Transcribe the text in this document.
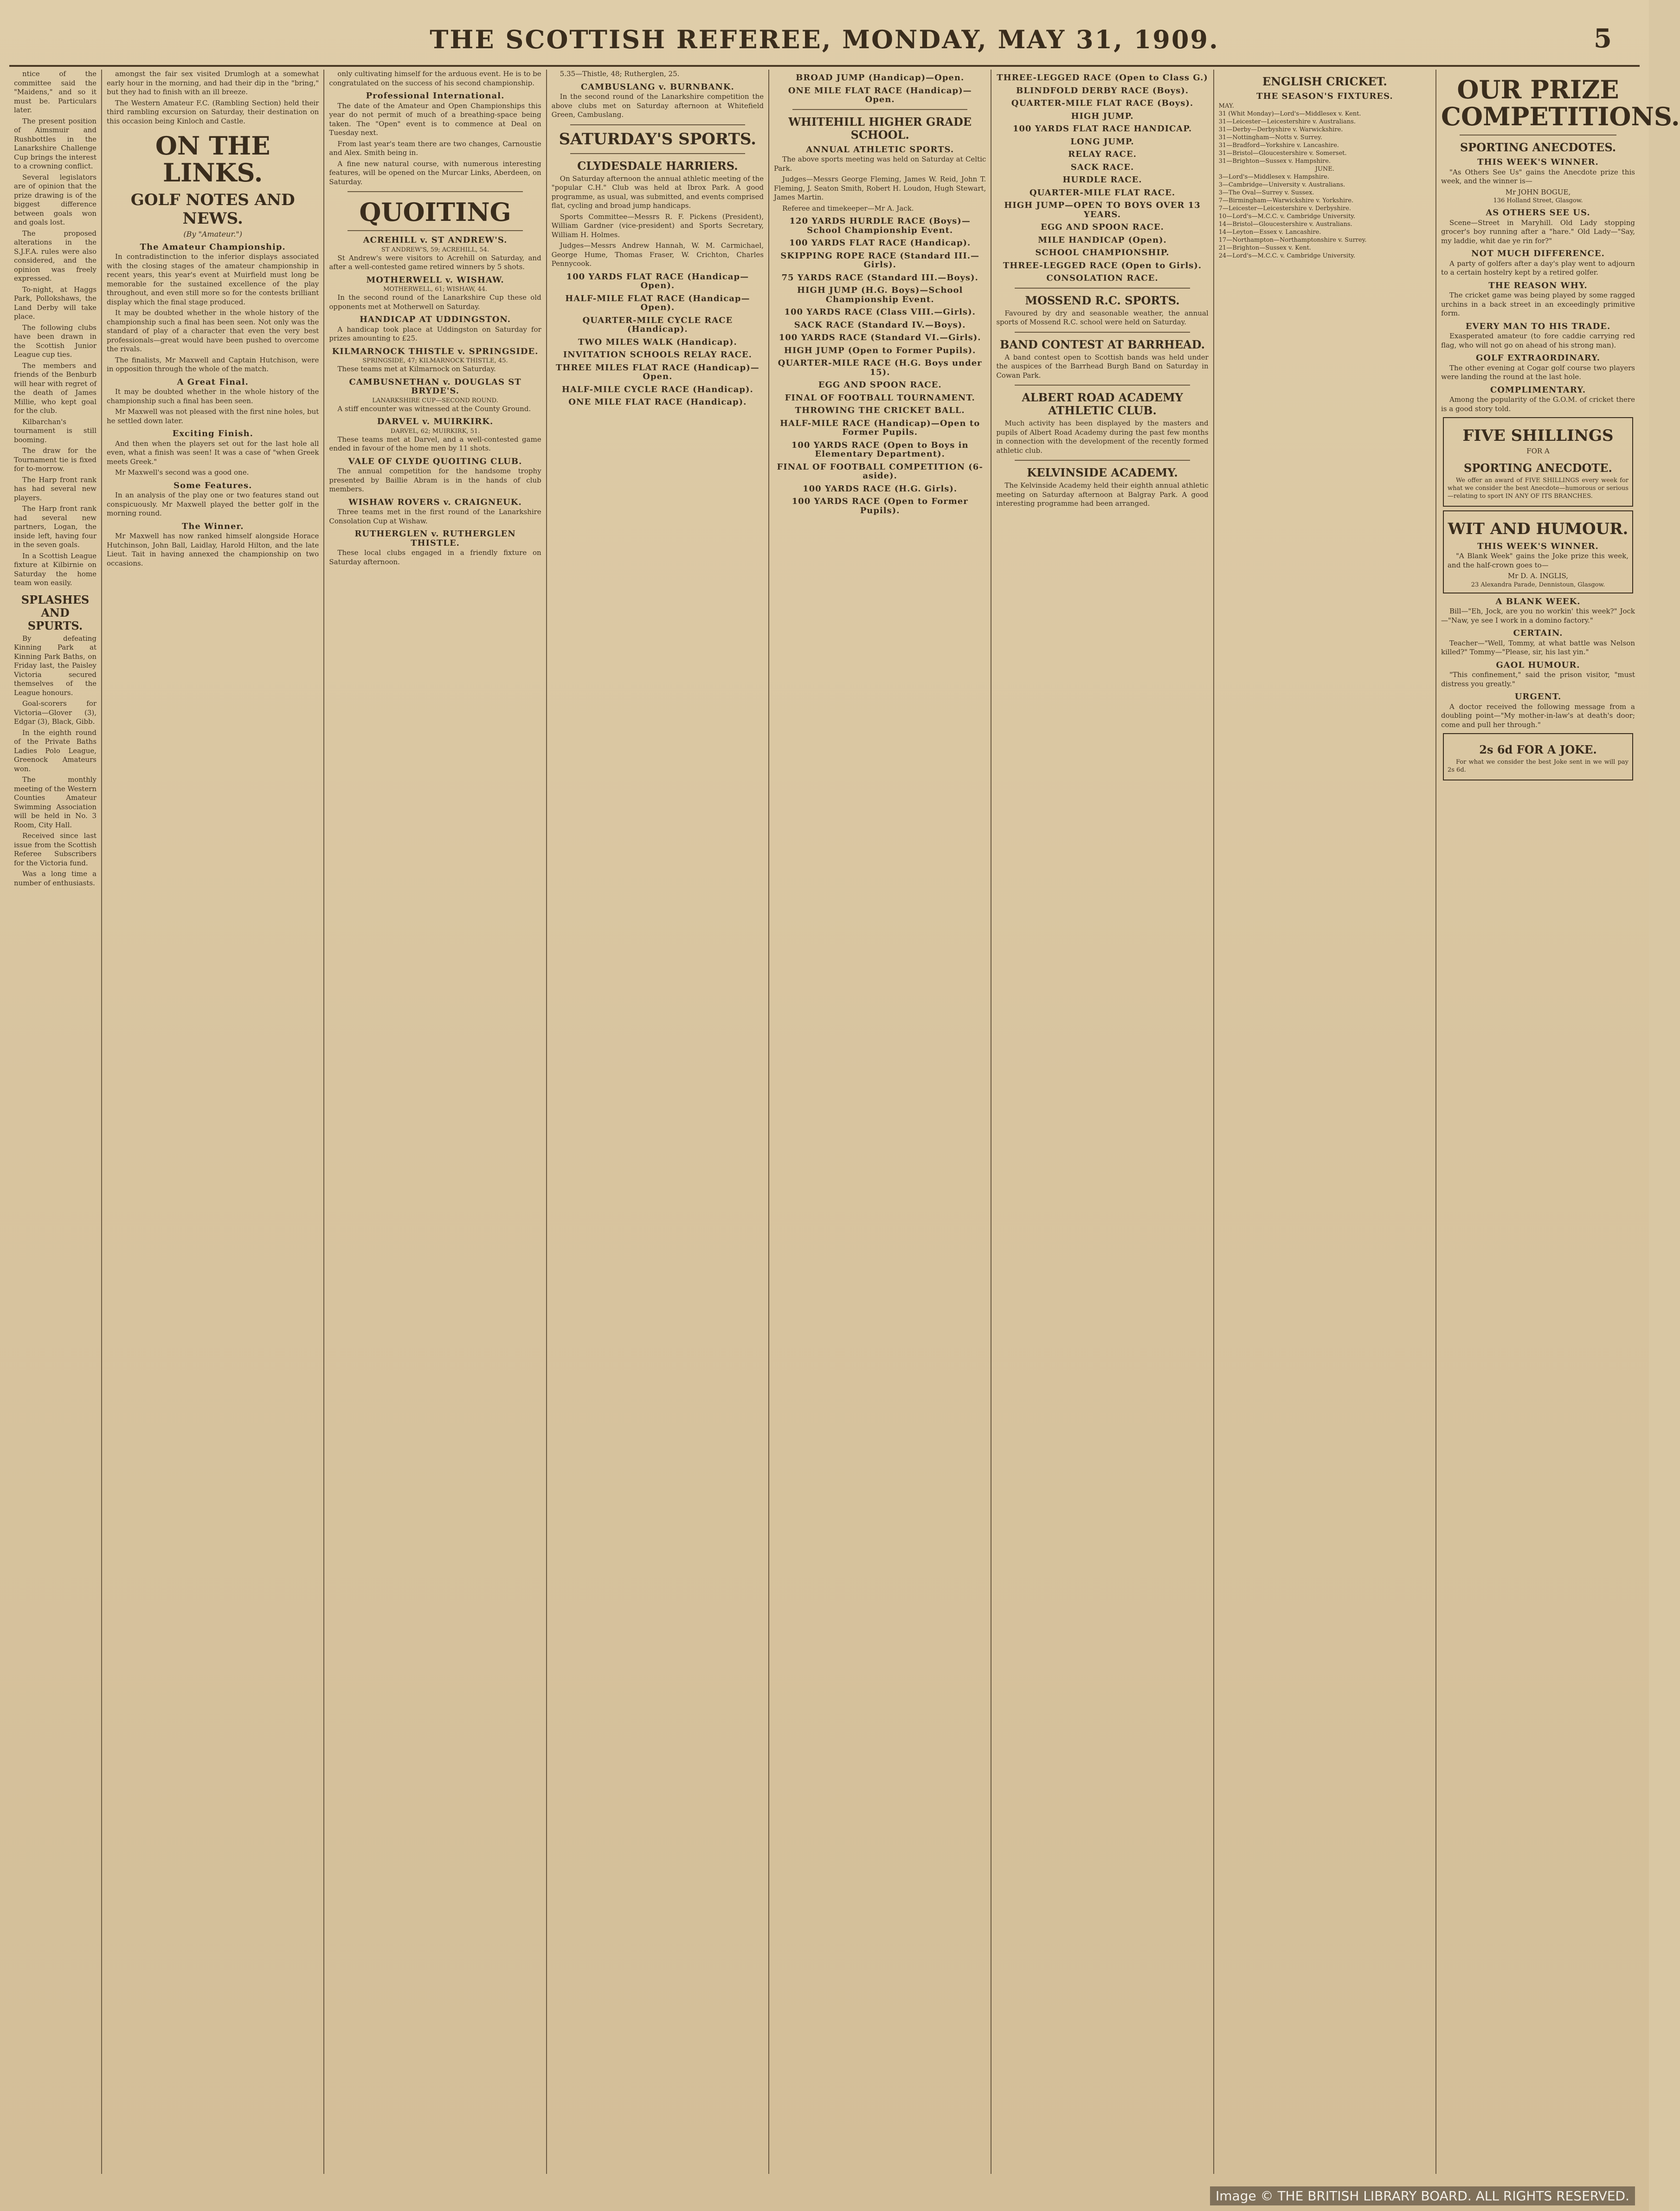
THE SCOTTISH REFEREE, MONDAY, MAY 31, 1909.	5

ntice of the committee said the "Maidens," and so it must be. Particulars later.

The present position of Aimsmuir and Rushbottles in the Lanarkshire Challenge Cup brings the interest to a crowning conflict.

Several legislators are of opinion that the prize drawing is of the biggest difference between goals won and goals lost.

The proposed alterations in the S.J.F.A. rules were also considered, and the opinion was freely expressed.

To-night, at Haggs Park, Pollokshaws, the Land Derby will take place.

The following clubs have been drawn in the Scottish Junior League cup ties.

The members and friends of the Benburb will hear with regret of the death of James Millie, who kept goal for the club.

Kilbarchan's tournament is still booming.

The draw for the Tournament tie is fixed for to-morrow.

The Harp front rank has had several new players.

The Harp front rank had several new partners, Logan, the inside left, having four in the seven goals.

In a Scottish League fixture at Kilbirnie on Saturday the home team won easily.

SPLASHES AND SPURTS.

By defeating Kinning Park at Kinning Park Baths, on Friday last, the Paisley Victoria secured themselves of the League honours.

Goal-scorers for Victoria—Glover (3), Edgar (3), Black, Gibb.

In the eighth round of the Private Baths Ladies Polo League, Greenock Amateurs won.

The monthly meeting of the Western Counties Amateur Swimming Association will be held in No. 3 Room, City Hall.

Received since last issue from the Scottish Referee Subscribers for the Victoria fund.

Was a long time a number of enthusiasts.

amongst the fair sex visited Drumlogh at a somewhat early hour in the morning, and had their dip in the "bring," but they had to finish with an ill breeze.

The Western Amateur F.C. (Rambling Section) held their third rambling excursion on Saturday, their destination on this occasion being Kinloch and Castle.

ON THE LINKS.
GOLF NOTES AND NEWS.
(By "Amateur.")
The Amateur Championship.

In contradistinction to the inferior displays associated with the closing stages of the amateur championship in recent years, this year's event at Muirfield must long be memorable for the sustained excellence of the play throughout, and even still more so for the contests brilliant display which the final stage produced.

It may be doubted whether in the whole history of the championship such a final has been seen. Not only was the standard of play of a character that even the very best professionals—great would have been pushed to overcome the rivals.

The finalists, Mr Maxwell and Captain Hutchison, were in opposition through the whole of the match.

A Great Final.

It may be doubted whether in the whole history of the championship such a final has been seen.

Mr Maxwell was not pleased with the first nine holes, but he settled down later.

Exciting Finish.

And then when the players set out for the last hole all even, what a finish was seen! It was a case of "when Greek meets Greek."

Mr Maxwell's second was a good one.

Some Features.

In an analysis of the play one or two features stand out conspicuously. Mr Maxwell played the better golf in the morning round.

The Winner.

Mr Maxwell has now ranked himself alongside Horace Hutchinson, John Ball, Laidlay, Harold Hilton, and the late Lieut. Tait in having annexed the championship on two occasions.

only cultivating himself for the arduous event. He is to be congratulated on the success of his second championship.

Professional International.

The date of the Amateur and Open Championships this year do not permit of much of a breathing-space being taken. The "Open" event is to commence at Deal on Tuesday next.

From last year's team there are two changes, Carnoustie and Alex. Smith being in.

A fine new natural course, with numerous interesting features, will be opened on the Murcar Links, Aberdeen, on Saturday.

QUOITING
ACREHILL v. ST ANDREW'S.

ST ANDREW'S, 59; ACREHILL, 54.

St Andrew's were visitors to Acrehill on Saturday, and after a well-contested game retired winners by 5 shots.

MOTHERWELL v. WISHAW.

MOTHERWELL, 61; WISHAW, 44.

In the second round of the Lanarkshire Cup these old opponents met at Motherwell on Saturday.

HANDICAP AT UDDINGSTON.

A handicap took place at Uddingston on Saturday for prizes amounting to £25.

KILMARNOCK THISTLE v. SPRINGSIDE.

SPRINGSIDE, 47; KILMARNOCK THISTLE, 45.

These teams met at Kilmarnock on Saturday.

CAMBUSNETHAN v. DOUGLAS ST BRYDE'S.

LANARKSHIRE CUP—SECOND ROUND.

A stiff encounter was witnessed at the County Ground.

DARVEL v. MUIRKIRK.

DARVEL, 62; MUIRKIRK, 51.

These teams met at Darvel, and a well-contested game ended in favour of the home men by 11 shots.

VALE OF CLYDE QUOITING CLUB.

The annual competition for the handsome trophy presented by Baillie Abram is in the hands of club members.

WISHAW ROVERS v. CRAIGNEUK.

Three teams met in the first round of the Lanarkshire Consolation Cup at Wishaw.

RUTHERGLEN v. RUTHERGLEN THISTLE.

These local clubs engaged in a friendly fixture on Saturday afternoon.

5.35—Thistle, 48; Rutherglen, 25.

CAMBUSLANG v. BURNBANK.

In the second round of the Lanarkshire competition the above clubs met on Saturday afternoon at Whitefield Green, Cambuslang.

SATURDAY'S SPORTS.
CLYDESDALE HARRIERS.

On Saturday afternoon the annual athletic meeting of the "popular C.H." Club was held at Ibrox Park. A good programme, as usual, was submitted, and events comprised flat, cycling and broad jump handicaps.

Sports Committee—Messrs R. F. Pickens (President), William Gardner (vice-president) and Sports Secretary, William H. Holmes.

Judges—Messrs Andrew Hannah, W. M. Carmichael, George Hume, Thomas Fraser, W. Crichton, Charles Pennycook.

100 YARDS FLAT RACE (Handicap—Open).
HALF-MILE FLAT RACE (Handicap—Open).
QUARTER-MILE CYCLE RACE (Handicap).
TWO MILES WALK (Handicap).
INVITATION SCHOOLS RELAY RACE.
THREE MILES FLAT RACE (Handicap)—Open.
HALF-MILE CYCLE RACE (Handicap).
ONE MILE FLAT RACE (Handicap).
BROAD JUMP (Handicap)—Open.
ONE MILE FLAT RACE (Handicap)—Open.
WHITEHILL HIGHER GRADE SCHOOL.
ANNUAL ATHLETIC SPORTS.

The above sports meeting was held on Saturday at Celtic Park.

Judges—Messrs George Fleming, James W. Reid, John T. Fleming, J. Seaton Smith, Robert H. Loudon, Hugh Stewart, James Martin.

Referee and timekeeper—Mr A. Jack.

120 YARDS HURDLE RACE (Boys)—School Championship Event.
100 YARDS FLAT RACE (Handicap).
SKIPPING ROPE RACE (Standard III.—Girls).
75 YARDS RACE (Standard III.—Boys).
HIGH JUMP (H.G. Boys)—School Championship Event.
100 YARDS RACE (Class VIII.—Girls).
SACK RACE (Standard IV.—Boys).
100 YARDS RACE (Standard VI.—Girls).
HIGH JUMP (Open to Former Pupils).
QUARTER-MILE RACE (H.G. Boys under 15).
EGG AND SPOON RACE.
FINAL OF FOOTBALL TOURNAMENT.
THROWING THE CRICKET BALL.
HALF-MILE RACE (Handicap)—Open to Former Pupils.
100 YARDS RACE (Open to Boys in Elementary Department).
FINAL OF FOOTBALL COMPETITION (6-aside).
100 YARDS RACE (H.G. Girls).
100 YARDS RACE (Open to Former Pupils).
THREE-LEGGED RACE (Open to Class G.)
BLINDFOLD DERBY RACE (Boys).
QUARTER-MILE FLAT RACE (Boys).
HIGH JUMP.
100 YARDS FLAT RACE HANDICAP.
LONG JUMP.
RELAY RACE.
SACK RACE.
HURDLE RACE.
QUARTER-MILE FLAT RACE.
HIGH JUMP—OPEN TO BOYS OVER 13 YEARS.
EGG AND SPOON RACE.
MILE HANDICAP (Open).
SCHOOL CHAMPIONSHIP.
THREE-LEGGED RACE (Open to Girls).
CONSOLATION RACE.
MOSSEND R.C. SPORTS.

Favoured by dry and seasonable weather, the annual sports of Mossend R.C. school were held on Saturday.

BAND CONTEST AT BARRHEAD.

A band contest open to Scottish bands was held under the auspices of the Barrhead Burgh Band on Saturday in Cowan Park.

ALBERT ROAD ACADEMY ATHLETIC CLUB.

Much activity has been displayed by the masters and pupils of Albert Road Academy during the past few months in connection with the development of the recently formed athletic club.

KELVINSIDE ACADEMY.

The Kelvinside Academy held their eighth annual athletic meeting on Saturday afternoon at Balgray Park. A good interesting programme had been arranged.

ENGLISH CRICKET.
THE SEASON'S FIXTURES.

MAY.

31 (Whit Monday)—Lord's—Middlesex v. Kent.

31—Leicester—Leicestershire v. Australians.

31—Derby—Derbyshire v. Warwickshire.

31—Nottingham—Notts v. Surrey.

31—Bradford—Yorkshire v. Lancashire.

31—Bristol—Gloucestershire v. Somerset.

31—Brighton—Sussex v. Hampshire.

JUNE.

3—Lord's—Middlesex v. Hampshire.

3—Cambridge—University v. Australians.

3—The Oval—Surrey v. Sussex.

7—Birmingham—Warwickshire v. Yorkshire.

7—Leicester—Leicestershire v. Derbyshire.

10—Lord's—M.C.C. v. Cambridge University.

14—Bristol—Gloucestershire v. Australians.

14—Leyton—Essex v. Lancashire.

17—Northampton—Northamptonshire v. Surrey.

21—Brighton—Sussex v. Kent.

24—Lord's—M.C.C. v. Cambridge University.

OUR PRIZE COMPETITIONS.
SPORTING ANECDOTES.
THIS WEEK'S WINNER.

"As Others See Us" gains the Anecdote prize this week, and the winner is—

Mr JOHN BOGUE,

136 Holland Street, Glasgow.

AS OTHERS SEE US.

Scene—Street in Maryhill. Old Lady stopping grocer's boy running after a "hare." Old Lady—"Say, my laddie, whit dae ye rin for?"

NOT MUCH DIFFERENCE.

A party of golfers after a day's play went to adjourn to a certain hostelry kept by a retired golfer.

THE REASON WHY.

The cricket game was being played by some ragged urchins in a back street in an exceedingly primitive form.

EVERY MAN TO HIS TRADE.

Exasperated amateur (to fore caddie carrying red flag, who will not go on ahead of his strong man).

GOLF EXTRAORDINARY.

The other evening at Cogar golf course two players were landing the round at the last hole.

COMPLIMENTARY.

Among the popularity of the G.O.M. of cricket there is a good story told.

FIVE SHILLINGS

FOR A

SPORTING ANECDOTE.

We offer an award of FIVE SHILLINGS every week for what we consider the best Anecdote—humorous or serious—relating to sport IN ANY OF ITS BRANCHES.

WIT AND HUMOUR.
THIS WEEK'S WINNER.

"A Blank Week" gains the Joke prize this week, and the half-crown goes to—

Mr D. A. INGLIS,

23 Alexandra Parade, Dennistoun, Glasgow.

A BLANK WEEK.

Bill—"Eh, Jock, are you no workin' this week?" Jock—"Naw, ye see I work in a domino factory."

CERTAIN.

Teacher—"Well, Tommy, at what battle was Nelson killed?" Tommy—"Please, sir, his last yin."

GAOL HUMOUR.

"This confinement," said the prison visitor, "must distress you greatly."

URGENT.

A doctor received the following message from a doubling point—"My mother-in-law's at death's door; come and pull her through."

2s 6d FOR A JOKE.

For what we consider the best Joke sent in we will pay 2s 6d.

Image © THE BRITISH LIBRARY BOARD. ALL RIGHTS RESERVED.
